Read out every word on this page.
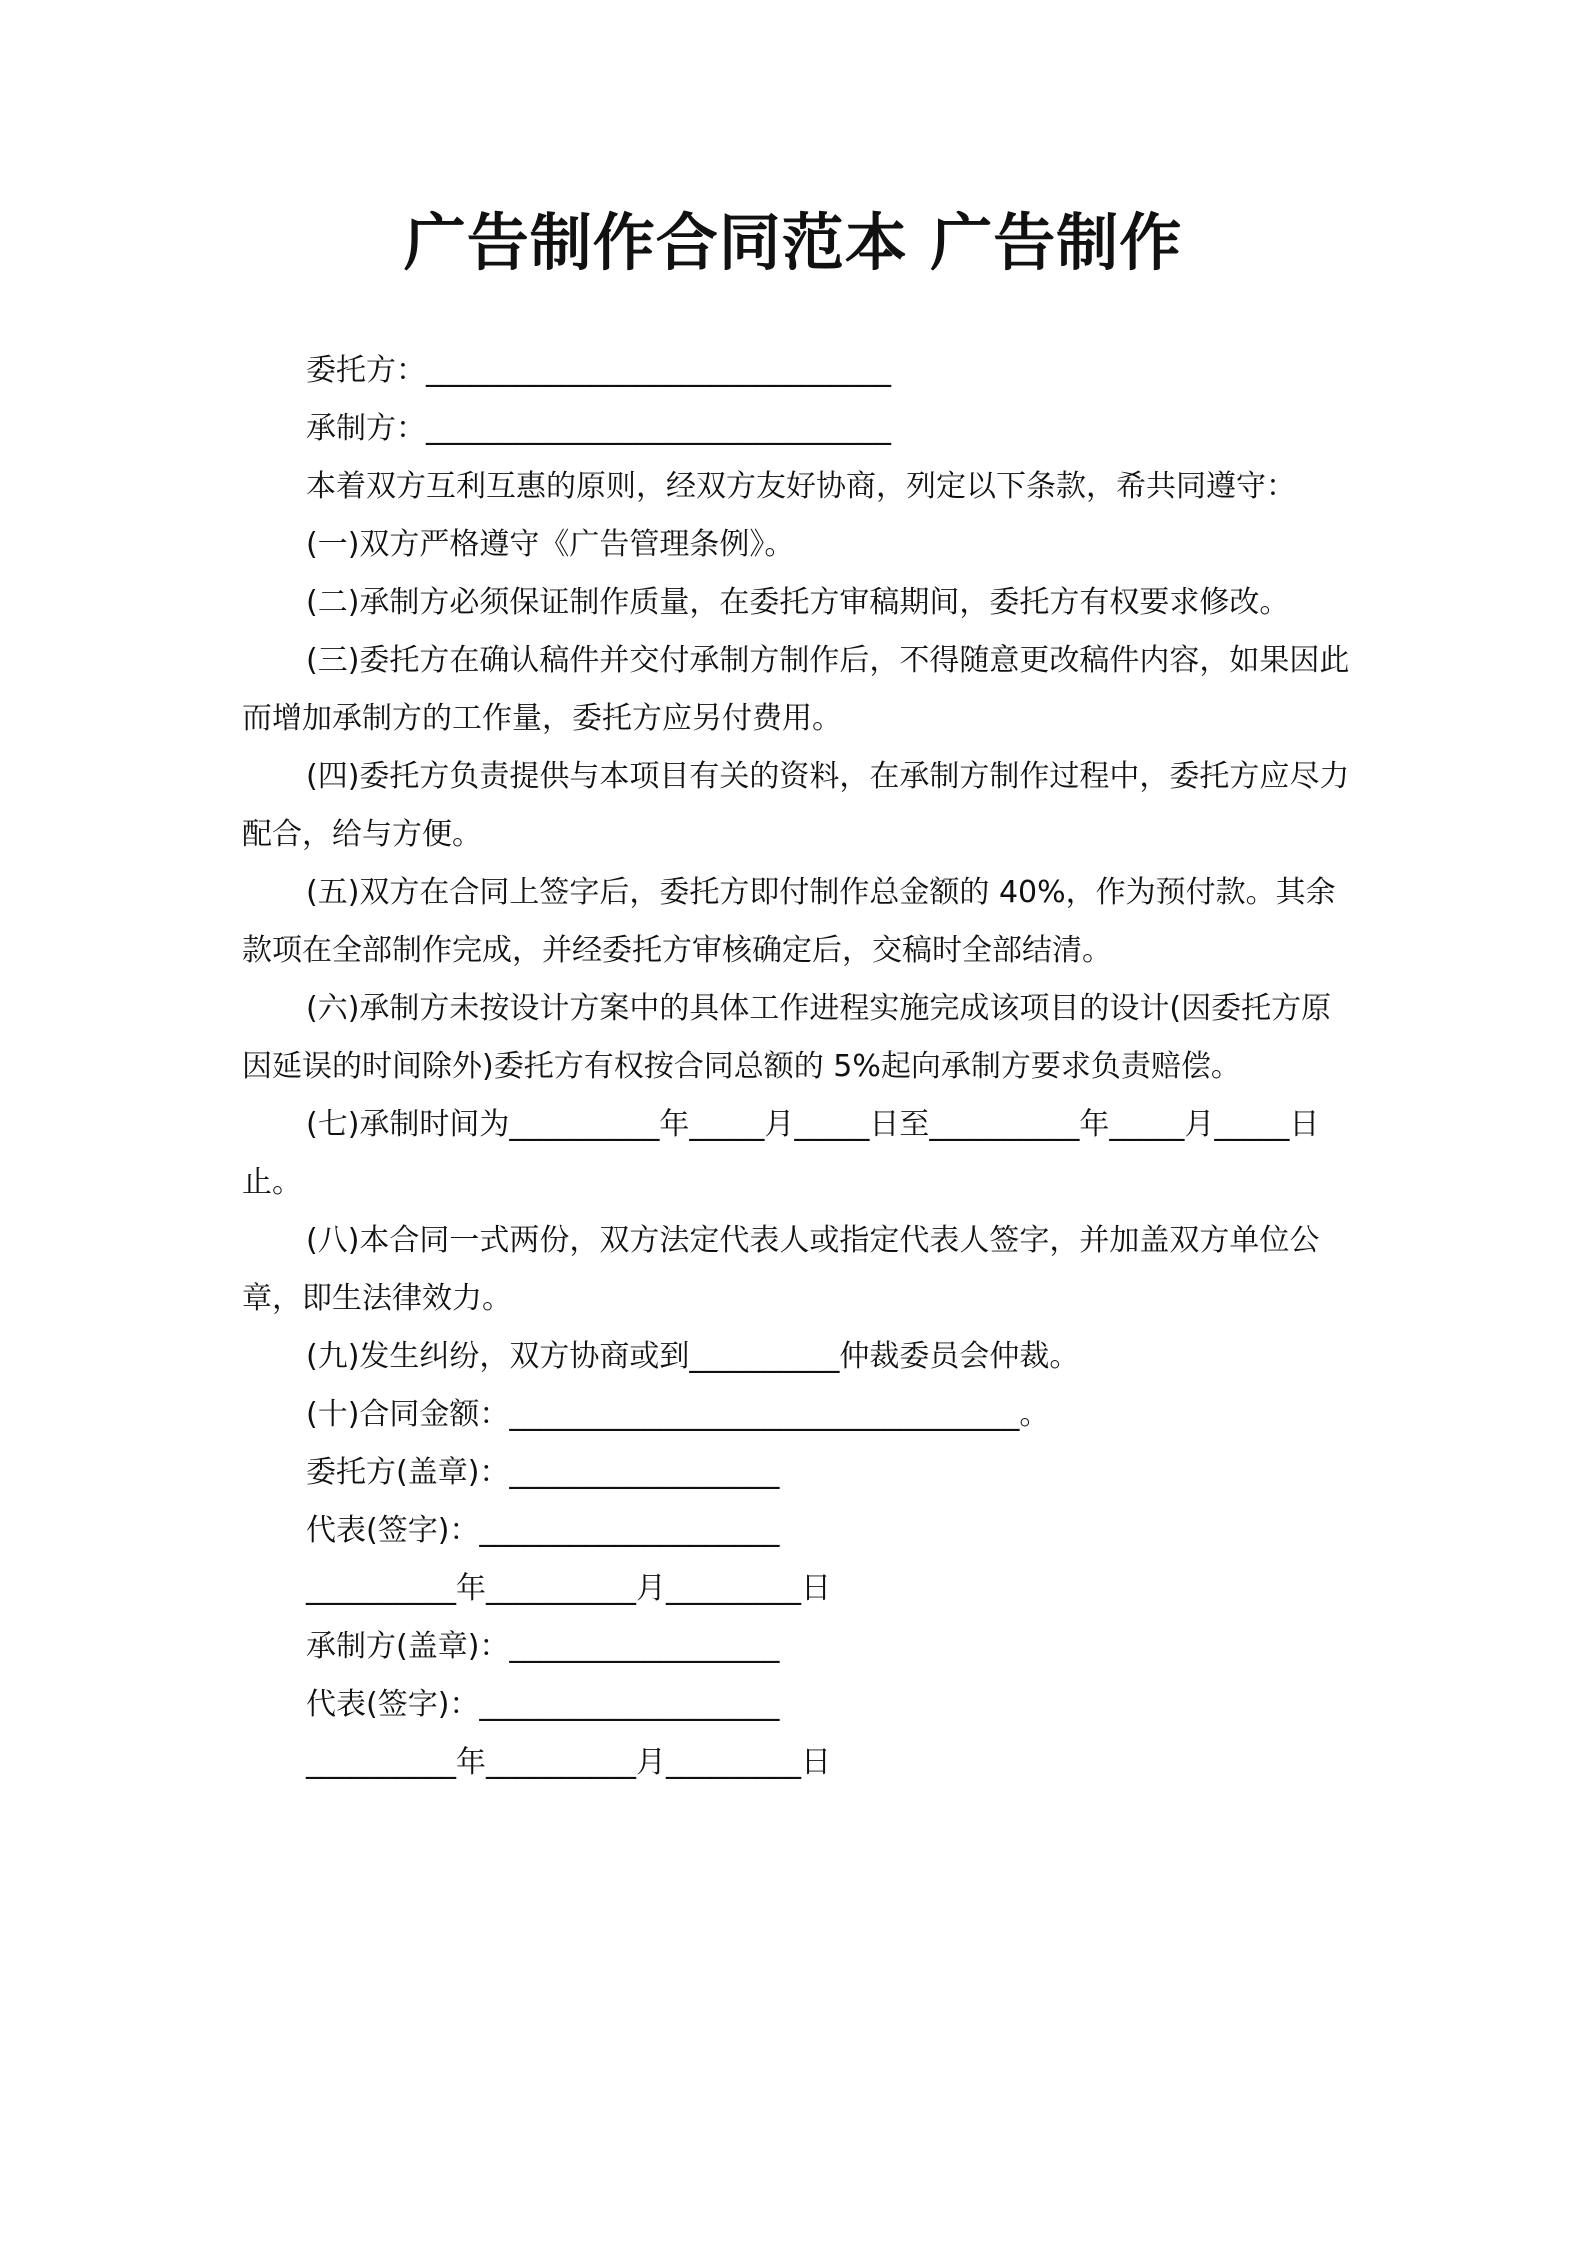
广告制作合同范本 广告制作

委托方：_______________________________

承制方：_______________________________

本着双方互利互惠的原则，经双方友好协商，列定以下条款，希共同遵守：

(一)双方严格遵守《广告管理条例》。

(二)承制方必须保证制作质量，在委托方审稿期间，委托方有权要求修改。

(三)委托方在确认稿件并交付承制方制作后，不得随意更改稿件内容，如果因此而增加承制方的工作量，委托方应另付费用。

(四)委托方负责提供与本项目有关的资料，在承制方制作过程中，委托方应尽力配合，给与方便。

(五)双方在合同上签字后，委托方即付制作总金额的 40%，作为预付款。其余款项在全部制作完成，并经委托方审核确定后，交稿时全部结清。

(六)承制方未按设计方案中的具体工作进程实施完成该项目的设计(因委托方原因延误的时间除外)委托方有权按合同总额的 5%起向承制方要求负责赔偿。

(七)承制时间为__________年_____月_____日至__________年_____月_____日止。

(八)本合同一式两份，双方法定代表人或指定代表人签字，并加盖双方单位公章，即生法律效力。

(九)发生纠纷，双方协商或到__________仲裁委员会仲裁。

(十)合同金额：__________________________________。

委托方(盖章)：__________________

代表(签字)：____________________

__________年__________月_________日

承制方(盖章)：__________________

代表(签字)：____________________

__________年__________月_________日
